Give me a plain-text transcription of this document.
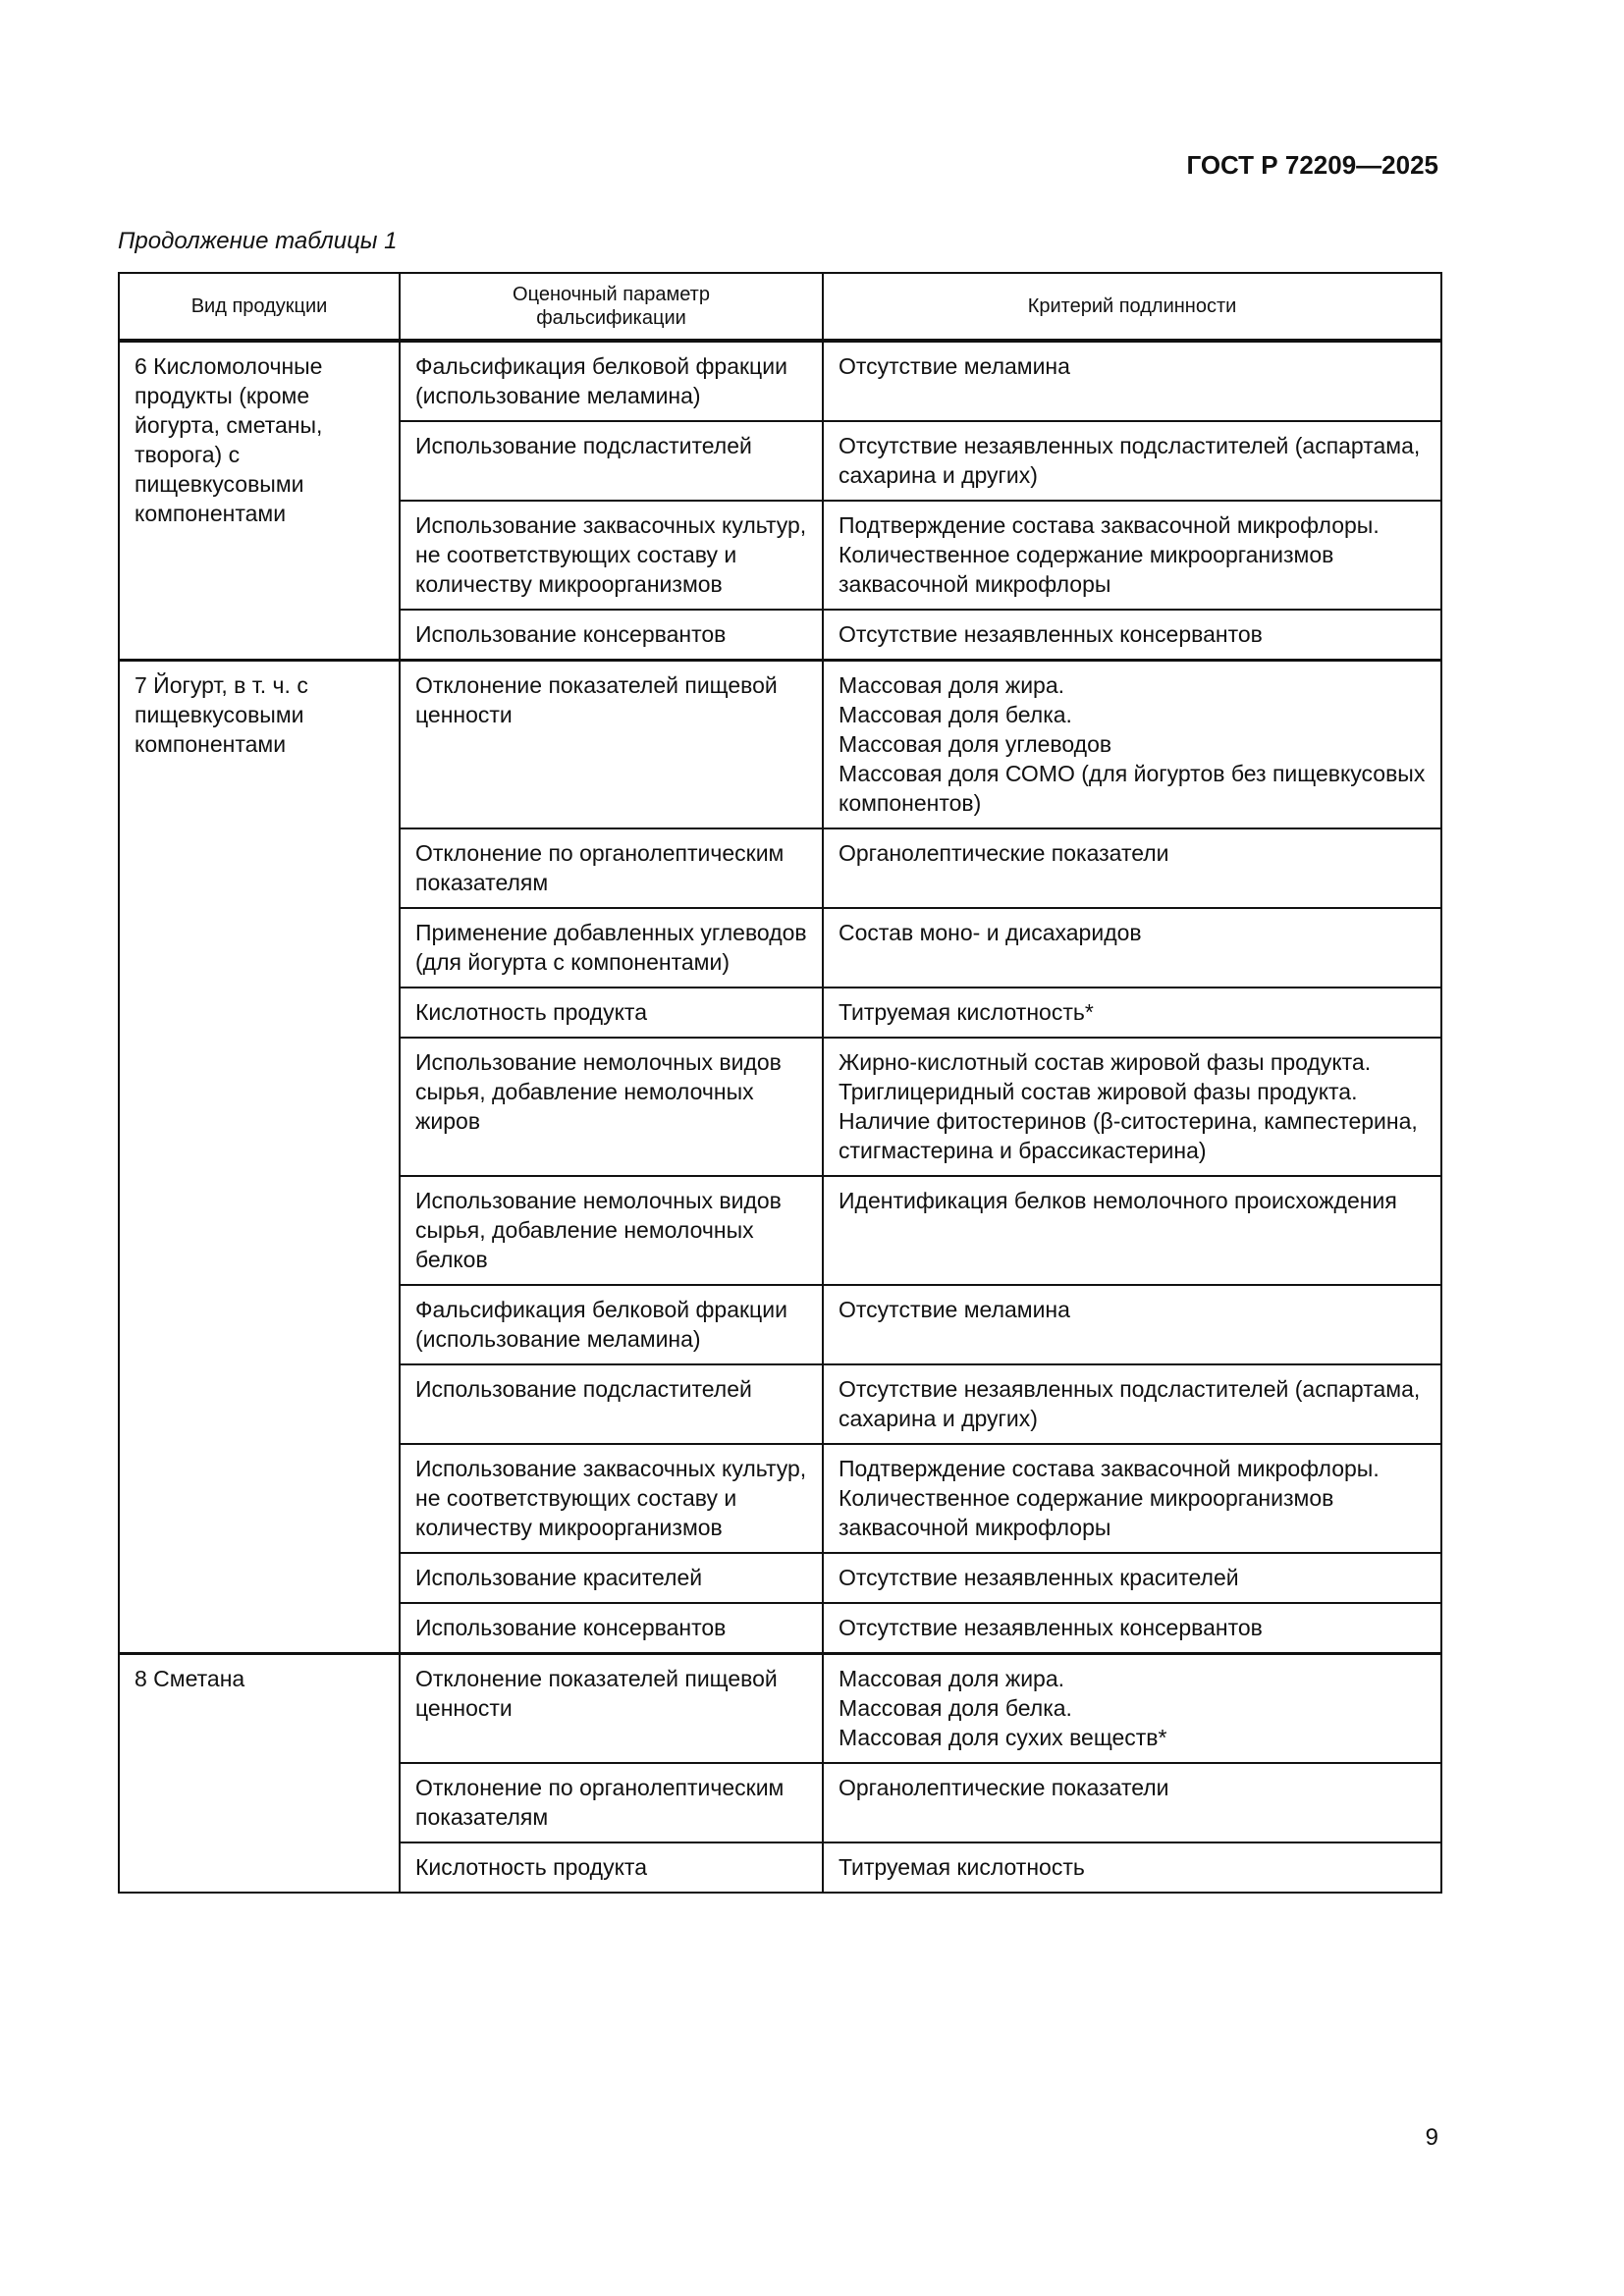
ГОСТ Р 72209—2025
Продолжение таблицы 1
Вид продукции	Оценочный параметр фальсификации	Критерий подлинности
6 Кисломолочные продукты (кроме йогурта, сметаны, творога) с пищевкусовыми компонентами	Фальсификация белковой фракции (использование меламина)	Отсутствие меламина

	Использование подсластителей	Отсутствие незаявленных подсластителей (аспартама, сахарина и других)

	Использование заквасочных культур, не соответствующих составу и количеству микроорганизмов	Подтверждение состава заквасочной микрофлоры.
Количественное содержание микроорганизмов заквасочной микрофлоры

	Использование консервантов	Отсутствие незаявленных консервантов

7 Йогурт, в т. ч. с пищевкусовыми компонентами	Отклонение показателей пищевой ценности	Массовая доля жира.
Массовая доля белка.
Массовая доля углеводов
Массовая доля СОМО (для йогуртов без пищевкусовых компонентов)

	Отклонение по органолептическим показателям	Органолептические показатели

	Применение добавленных углеводов (для йогурта с компонентами)	Состав моно- и дисахаридов

	Кислотность продукта	Титруемая кислотность*

	Использование немолочных видов сырья, добавление немолочных жиров	Жирно-кислотный состав жировой фазы продукта.
Триглицеридный состав жировой фазы продукта.
Наличие фитостеринов (β-ситостерина, кампестерина, стигмастерина и брассикастерина)

	Использование немолочных видов сырья, добавление немолочных белков	Идентификация белков немолочного происхождения

	Фальсификация белковой фракции (использование меламина)	Отсутствие меламина

	Использование подсластителей	Отсутствие незаявленных подсластителей (аспартама, сахарина и других)

	Использование заквасочных культур, не соответствующих составу и количеству микроорганизмов	Подтверждение состава заквасочной микрофлоры.
Количественное содержание микроорганизмов заквасочной микрофлоры

	Использование красителей	Отсутствие незаявленных красителей

	Использование консервантов	Отсутствие незаявленных консервантов

8 Сметана	Отклонение показателей пищевой ценности	Массовая доля жира.
Массовая доля белка.
Массовая доля сухих веществ*

	Отклонение по органолептическим показателям	Органолептические показатели

	Кислотность продукта	Титруемая кислотность
9
